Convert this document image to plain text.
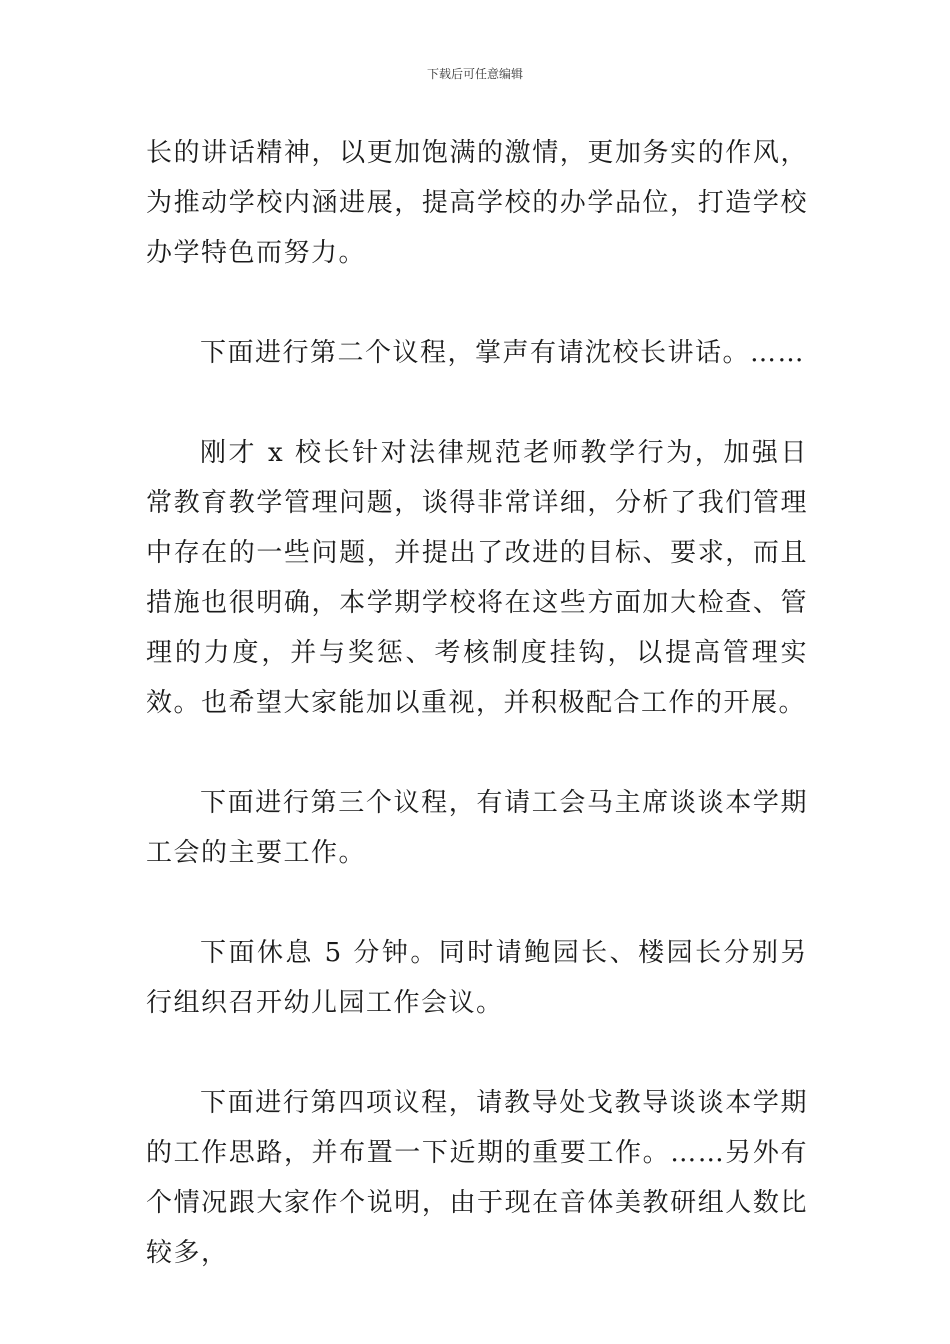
下载后可任意编辑

长的讲话精神，以更加饱满的激情，更加务实的作风，为推动学校内涵进展，提高学校的办学品位，打造学校办学特色而努力。

下面进行第二个议程，掌声有请沈校长讲话。……

刚才 x 校长针对法律规范老师教学行为，加强日常教育教学管理问题，谈得非常详细，分析了我们管理中存在的一些问题，并提出了改进的目标、要求，而且措施也很明确，本学期学校将在这些方面加大检查、管理的力度，并与奖惩、考核制度挂钩，以提高管理实效。也希望大家能加以重视，并积极配合工作的开展。

下面进行第三个议程，有请工会马主席谈谈本学期工会的主要工作。

下面休息 5 分钟。同时请鲍园长、楼园长分别另行组织召开幼儿园工作会议。

下面进行第四项议程，请教导处戈教导谈谈本学期的工作思路，并布置一下近期的重要工作。……另外有个情况跟大家作个说明，由于现在音体美教研组人数比较多，
